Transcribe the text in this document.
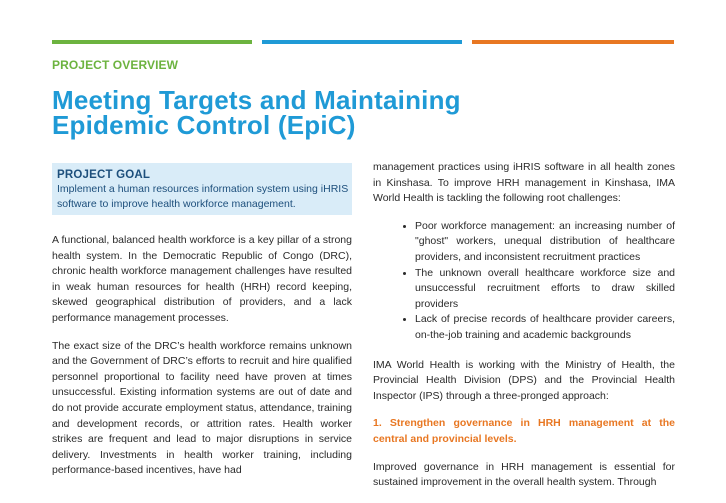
PROJECT OVERVIEW

Meeting Targets and Maintaining
Epidemic Control (EpiC)

PROJECT GOAL

Implement a human resources information system using iHRIS software to improve health workforce management.

A functional, balanced health workforce is a key pillar of a strong health system. In the Democratic Republic of Congo (DRC), chronic health workforce management challenges have resulted in weak human resources for health (HRH) record keeping, skewed geographical distribution of providers, and a lack performance management processes.

The exact size of the DRC’s health workforce remains unknown and the Government of DRC’s efforts to recruit and hire qualified personnel proportional to facility need have proven at times unsuccessful. Existing information systems are out of date and do not provide accurate employment status, attendance, training and development records, or attrition rates. Health worker strikes are frequent and lead to major disruptions in service delivery. Investments in health worker training, including performance-based incentives, have had

management practices using iHRIS software in all health zones in Kinshasa. To improve HRH management in Kinshasa, IMA World Health is tackling the following root challenges:

• Poor workforce management: an increasing number of "ghost" workers, unequal distribution of healthcare providers, and inconsistent recruitment practices
• The unknown overall healthcare workforce size and unsuccessful recruitment efforts to draw skilled providers
• Lack of precise records of healthcare provider careers, on-the-job training and academic backgrounds

IMA World Health is working with the Ministry of Health, the Provincial Health Division (DPS) and the Provincial Health Inspector (IPS) through a three-pronged approach:

1. Strengthen governance in HRH management at the central and provincial levels.

Improved governance in HRH management is essential for sustained improvement in the overall health system. Through
